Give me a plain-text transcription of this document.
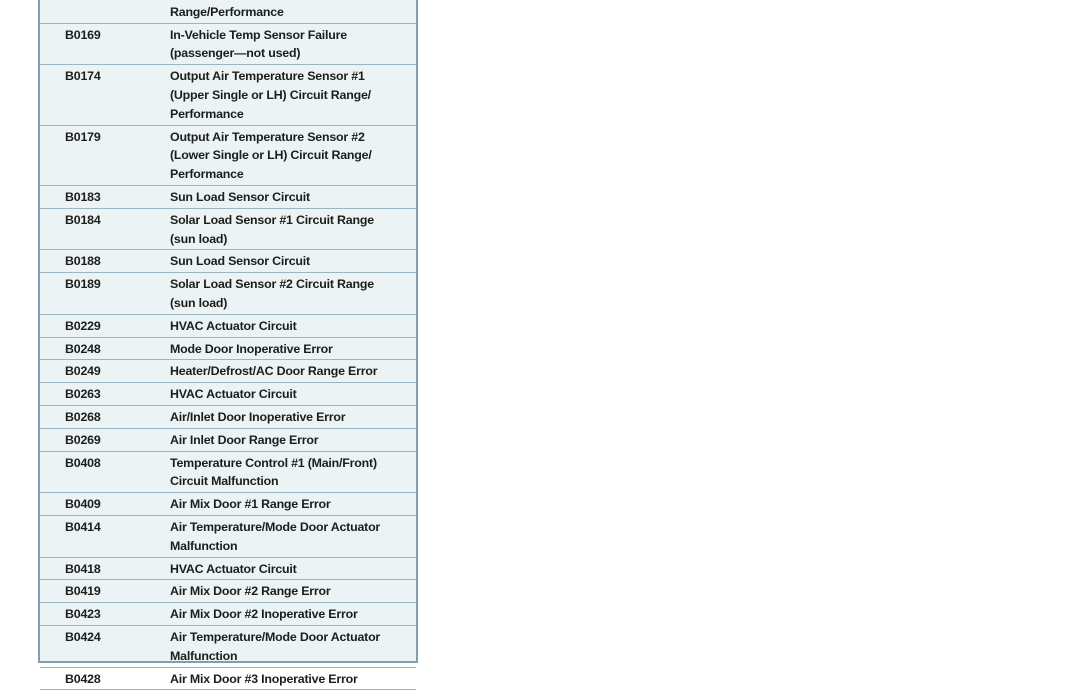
Range/Performance
B0169	In-Vehicle Temp Sensor Failure
(passenger—not used)
B0174	Output Air Temperature Sensor #1
(Upper Single or LH) Circuit Range/
Performance
B0179	Output Air Temperature Sensor #2
(Lower Single or LH) Circuit Range/
Performance
B0183	Sun Load Sensor Circuit
B0184	Solar Load Sensor #1 Circuit Range
(sun load)
B0188	Sun Load Sensor Circuit
B0189	Solar Load Sensor #2 Circuit Range
(sun load)
B0229	HVAC Actuator Circuit
B0248	Mode Door Inoperative Error
B0249	Heater/Defrost/AC Door Range Error
B0263	HVAC Actuator Circuit
B0268	Air/Inlet Door Inoperative Error
B0269	Air Inlet Door Range Error
B0408	Temperature Control #1 (Main/Front)
Circuit Malfunction
B0409	Air Mix Door #1 Range Error
B0414	Air Temperature/Mode Door Actuator
Malfunction
B0418	HVAC Actuator Circuit
B0419	Air Mix Door #2 Range Error
B0423	Air Mix Door #2 Inoperative Error
B0424	Air Temperature/Mode Door Actuator
Malfunction
B0428	Air Mix Door #3 Inoperative Error
